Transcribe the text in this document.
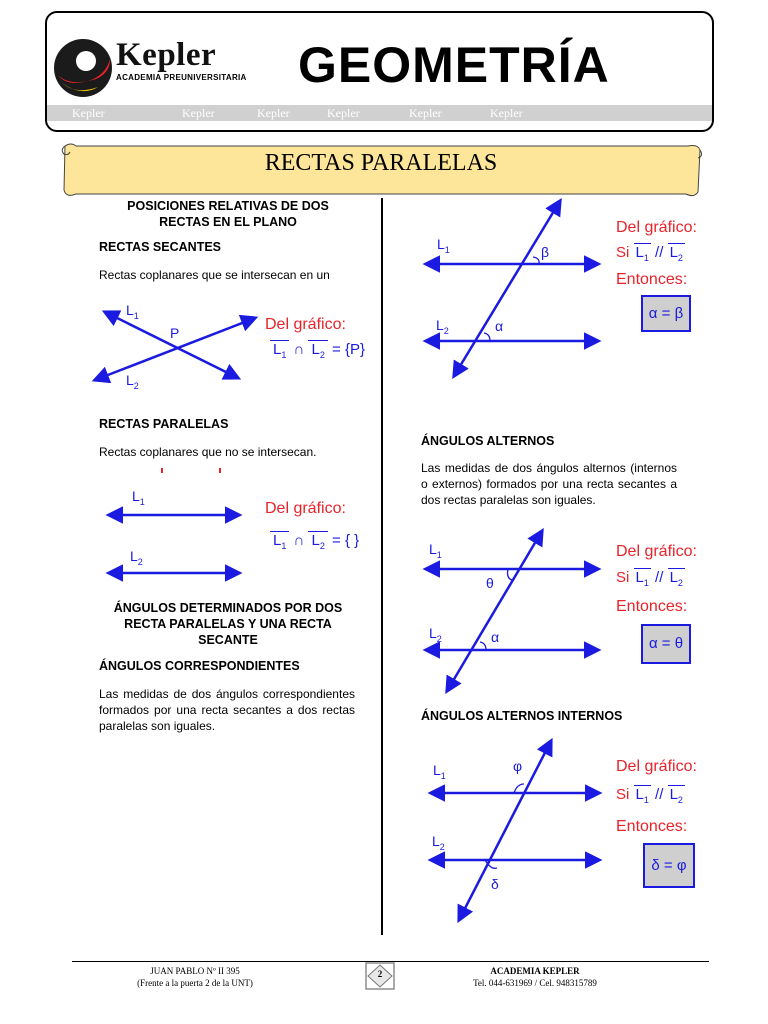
Kepler
ACADEMIA PREUNIVERSITARIA GEOMETRÍA
Kepler	Kepler	Kepler	Kepler	Kepler	Kepler
RECTAS PARALELAS
POSICIONES RELATIVAS DE DOS RECTAS EN EL PLANO
RECTAS SECANTES
Rectas coplanares que se intersecan en un
$L_1$
P
$L_2$
Del gráfico:
$L_1$ ∩ $L_2 = \{P\}$
RECTAS PARALELAS
Rectas coplanares que no se intersecan.
$L_1$
$L_2$
Del gráfico:
$L_1$ ∩ $L_2$ = { }
ÁNGULOS DETERMINADOS POR DOS RECTA PARALELAS Y UNA RECTA SECANTE
ÁNGULOS CORRESPONDIENTES
Las medidas de dos ángulos correspondientes formados por una recta secantes a dos rectas paralelas son iguales.
$L_1$
$L_2$
β
α
Del gráfico:
Si $L_1 // L_2$
Entonces:
α = β
ÁNGULOS ALTERNOS
Las medidas de dos ángulos alternos (internos o externos) formados por una recta secantes a dos rectas paralelas son iguales.
$L_1$
$L_2$
θ
α
Del gráfico:
Si $L_1 // L_2$
Entonces:
α = θ
ÁNGULOS ALTERNOS INTERNOS
$L_1$
$L_2$
φ
δ
Del gráfico:
Si $L_1 // L_2$
Entonces:
δ = φ
JUAN PABLO Nº II 395
(Frente a la puerta 2 de la UNT)
2	ACADEMIA KEPLER
Tel. 044-631969 / Cel. 948315789
